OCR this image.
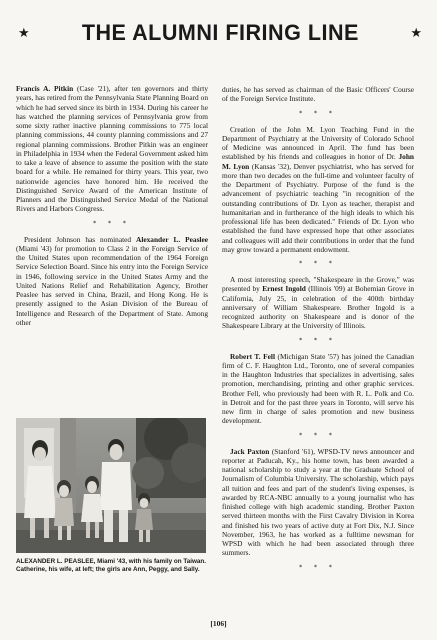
★ THE ALUMNI FIRING LINE	★

Francis A. Pitkin (Case '21), after ten governors and thirty years, has retired from the Pennsylvania State Planning Board on which he had served since its birth in 1934. During his career he has watched the planning services of Pennsylvania grow from some sixty rather inactive planning commissions to 775 local planning commissions, 44 county planning commissions and 27 regional planning commissions. Brother Pitkin was an engineer in Philadelphia in 1934 when the Federal Government asked him to take a leave of absence to assume the position with the state board for a while. He remained for thirty years. This year, two nationwide agencies have honored him. He received the Distinguished Service Award of the American Institute of Planners and the Distinguished Service Medal of the National Rivers and Harbors Congress.

* * *

President Johnson has nominated Alexander L. Peaslee (Miami '43) for promotion to Class 2 in the Foreign Service of the United States upon recommendation of the 1964 Foreign Service Selection Board. Since his entry into the Foreign Service in 1946, following service in the United States Army and the United Nations Relief and Rehabilitation Agency, Brother Peaslee has served in China, Brazil, and Hong Kong. He is presently assigned to the Asian Division of the Bureau of Intelligence and Research of the Department of State. Among other

ALEXANDER L. PEASLEE, Miami '43, with his family on Taiwan. Catherine, his wife, at left; the girls are Ann, Peggy, and Sally.

duties, he has served as chairman of the Basic Officers' Course of the Foreign Service Institute.

* * *

Creation of the John M. Lyon Teaching Fund in the Department of Psychiatry at the University of Colorado School of Medicine was announced in April. The fund has been established by his friends and colleagues in honor of Dr. John M. Lyon (Kansas '32), Denver psychiatrist, who has served for more than two decades on the full-time and volunteer faculty of the Department of Psychiatry. Purpose of the fund is the advancement of psychiatric teaching "in recognition of the outstanding contributions of Dr. Lyon as teacher, therapist and humanitarian and in furtherance of the high ideals to which his professional life has been dedicated." Friends of Dr. Lyon who established the fund have expressed hope that other associates and colleagues will add their contributions in order that the fund may grow toward a permanent endowment.

* * *

A most interesting speech, "Shakespeare in the Grove," was presented by Ernest Ingold (Illinois '09) at Bohemian Grove in California, July 25, in celebration of the 400th birthday anniversary of William Shakespeare. Brother Ingold is a recognized authority on Shakespeare and is donor of the Shakespeare Library at the University of Illinois.

* * *

Robert T. Fell (Michigan State '57) has joined the Canadian firm of C. F. Haughton Ltd., Toronto, one of several companies in the Haughton Industries that specializes in advertising, sales promotion, merchandising, printing and other graphic services. Brother Fell, who previously had been with R. L. Polk and Co. in Detroit and for the past three years in Toronto, will serve his new firm in charge of sales promotion and new business development.

* * *

Jack Paxton (Stanford '61), WPSD-TV news announcer and reporter at Paducah, Ky., his home town, has been awarded a national scholarship to study a year at the Graduate School of Journalism of Columbia University. The scholarship, which pays all tuition and fees and part of the student's living expenses, is awarded by RCA-NBC annually to a young journalist who has finished college with high academic standing. Brother Paxton served thirteen months with the First Cavalry Division in Korea and finished his two years of active duty at Fort Dix, N.J. Since November, 1963, he has worked as a fulltime newsman for WPSD with which he had been associated through three summers.

* * *
[106]
